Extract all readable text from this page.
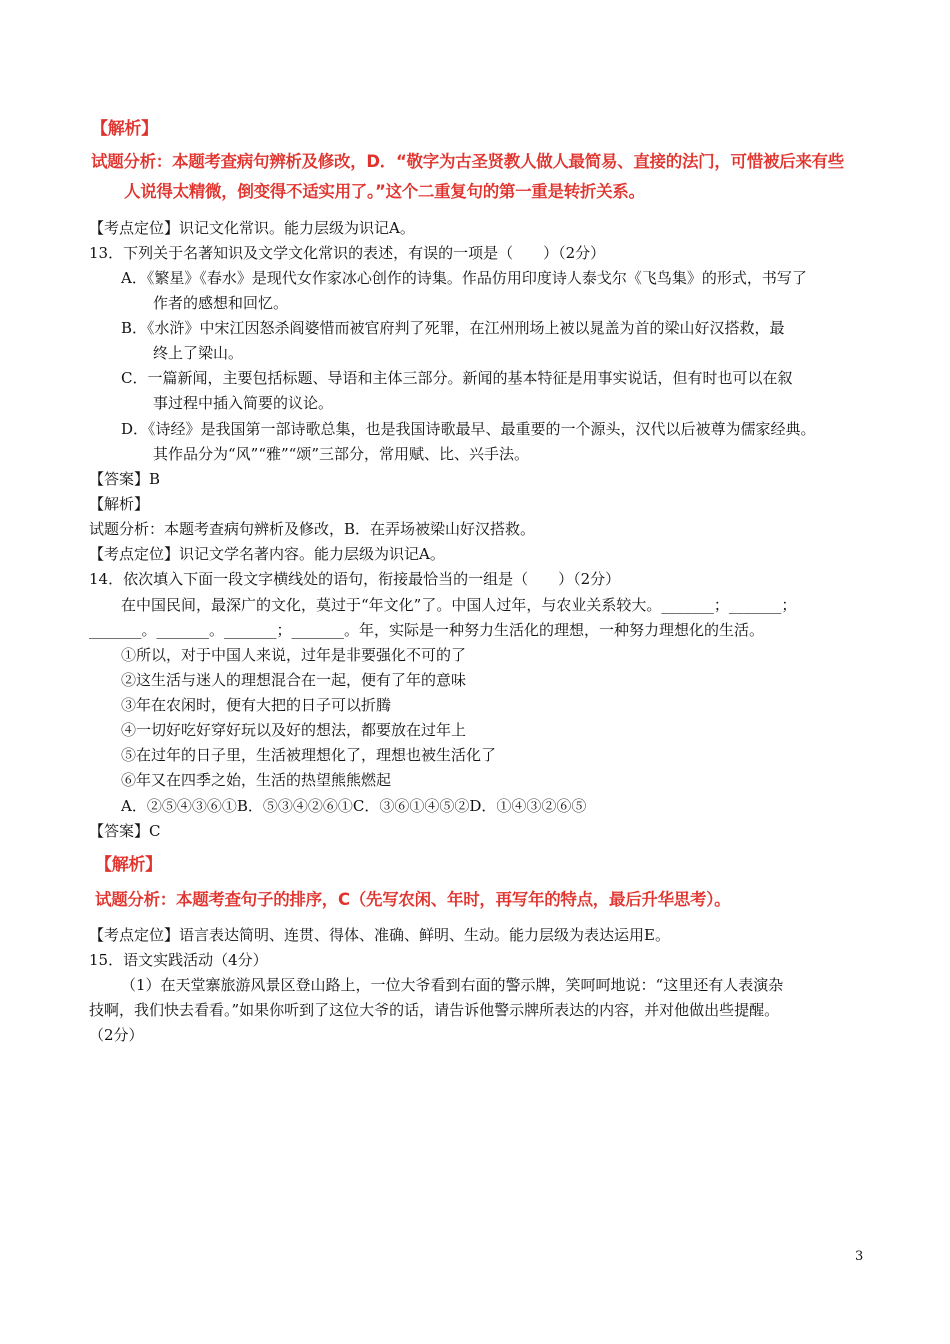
【解析】
试题分析：本题考查病句辨析及修改，D．“敬字为古圣贤教人做人最简易、直接的法门，可惜被后来有些
人说得太精微，倒变得不适实用了。”这个二重复句的第一重是转折关系。
【考点定位】识记文化常识。能力层级为识记A。
13．下列关于名著知识及文学文化常识的表述，有误的一项是（　　）（2分）
A．《繁星》《春水》是现代女作家冰心创作的诗集。作品仿用印度诗人泰戈尔《飞鸟集》的形式，书写了
作者的感想和回忆。
B．《水浒》中宋江因怒杀阎婆惜而被官府判了死罪，在江州刑场上被以晁盖为首的梁山好汉搭救，最
终上了梁山。
C．一篇新闻，主要包括标题、导语和主体三部分。新闻的基本特征是用事实说话，但有时也可以在叙
事过程中插入简要的议论。
D．《诗经》是我国第一部诗歌总集，也是我国诗歌最早、最重要的一个源头，汉代以后被尊为儒家经典。
其作品分为“风”“雅”“颂”三部分，常用赋、比、兴手法。
【答案】B
【解析】
试题分析：本题考查病句辨析及修改，B．在弄场被梁山好汉搭救。
【考点定位】识记文学名著内容。能力层级为识记A。
14．依次填入下面一段文字横线处的语句，衔接最恰当的一组是（　　）（2分）
在中国民间，最深广的文化，莫过于“年文化”了。中国人过年，与农业关系较大。_______；_______；
_______。_______。_______；_______。年，实际是一种努力生活化的理想，一种努力理想化的生活。
①所以，对于中国人来说，过年是非要强化不可的了
②这生活与迷人的理想混合在一起，便有了年的意味
③年在农闲时，便有大把的日子可以折腾
④一切好吃好穿好玩以及好的想法，都要放在过年上
⑤在过年的日子里，生活被理想化了，理想也被生活化了
⑥年又在四季之始，生活的热望熊熊燃起
A．②⑤④③⑥①B．⑤③④②⑥①C．③⑥①④⑤②D．①④③②⑥⑤
【答案】C
【解析】
试题分析：本题考查句子的排序，C（先写农闲、年时，再写年的特点，最后升华思考）。
【考点定位】语言表达简明、连贯、得体、准确、鲜明、生动。能力层级为表达运用E。
15．语文实践活动（4分）
（1）在天堂寨旅游风景区登山路上，一位大爷看到右面的警示牌，笑呵呵地说：“这里还有人表演杂
技啊，我们快去看看。”如果你听到了这位大爷的话，请告诉他警示牌所表达的内容，并对他做出些提醒。
（2分）
3
